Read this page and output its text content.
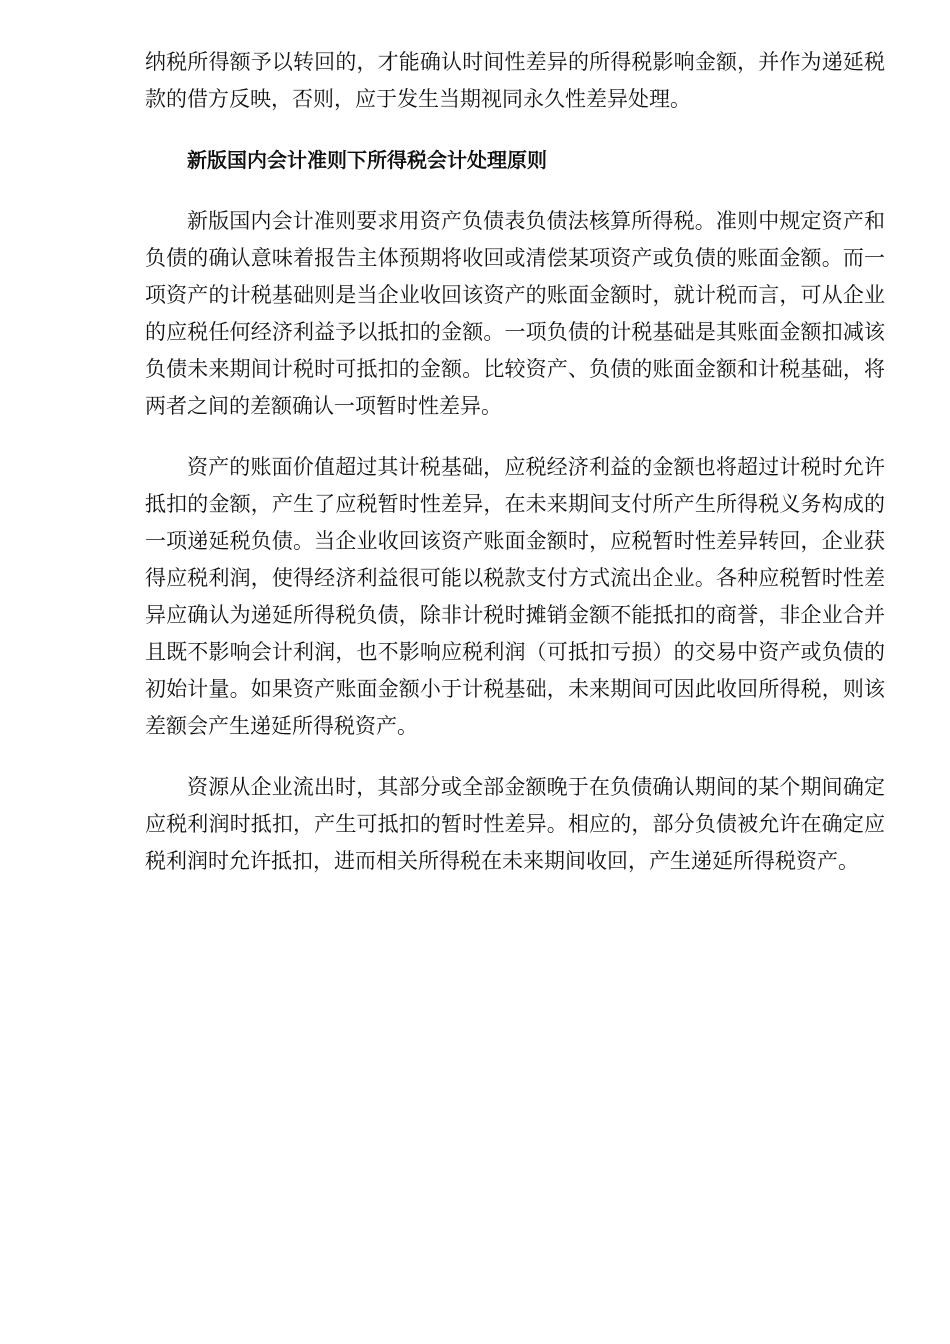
纳税所得额予以转回的，才能确认时间性差异的所得税影响金额，并作为递延税款的借方反映，否则，应于发生当期视同永久性差异处理。

新版国内会计准则下所得税会计处理原则

新版国内会计准则要求用资产负债表负债法核算所得税。准则中规定资产和负债的确认意味着报告主体预期将收回或清偿某项资产或负债的账面金额。而一项资产的计税基础则是当企业收回该资产的账面金额时，就计税而言，可从企业的应税任何经济利益予以抵扣的金额。一项负债的计税基础是其账面金额扣减该负债未来期间计税时可抵扣的金额。比较资产、负债的账面金额和计税基础，将两者之间的差额确认一项暂时性差异。

资产的账面价值超过其计税基础，应税经济利益的金额也将超过计税时允许抵扣的金额，产生了应税暂时性差异，在未来期间支付所产生所得税义务构成的一项递延税负债。当企业收回该资产账面金额时，应税暂时性差异转回，企业获得应税利润，使得经济利益很可能以税款支付方式流出企业。各种应税暂时性差异应确认为递延所得税负债，除非计税时摊销金额不能抵扣的商誉，非企业合并且既不影响会计利润，也不影响应税利润（可抵扣亏损）的交易中资产或负债的初始计量。如果资产账面金额小于计税基础，未来期间可因此收回所得税，则该差额会产生递延所得税资产。

资源从企业流出时，其部分或全部金额晚于在负债确认期间的某个期间确定应税利润时抵扣，产生可抵扣的暂时性差异。相应的，部分负债被允许在确定应税利润时允许抵扣，进而相关所得税在未来期间收回，产生递延所得税资产。
